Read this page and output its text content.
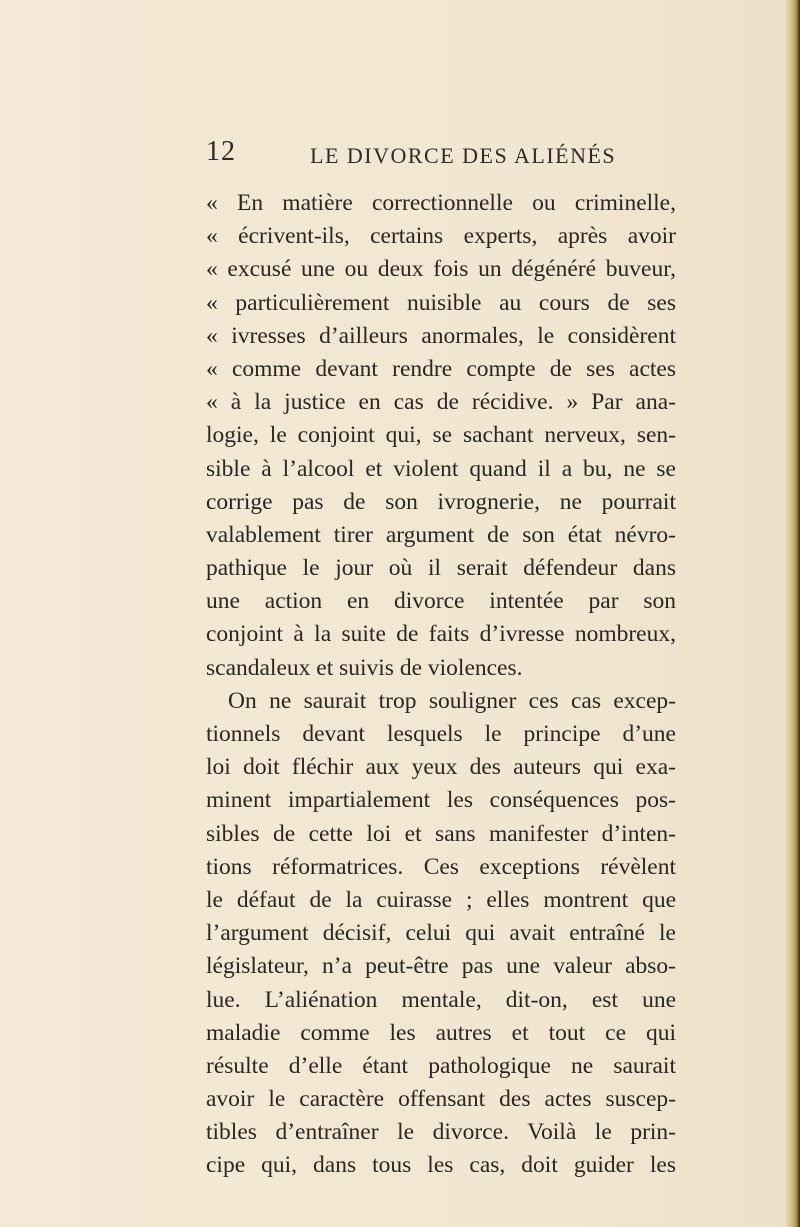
12	LE DIVORCE DES ALIÉNÉS
« En matière correctionnelle ou criminelle,
« écrivent-ils, certains experts, après avoir
« excusé une ou deux fois un dégénéré buveur,
« particulièrement nuisible au cours de ses
« ivresses d’ailleurs anormales, le considèrent
« comme devant rendre compte de ses actes
« à la justice en cas de récidive. » Par ana-
logie, le conjoint qui, se sachant nerveux, sen-
sible à l’alcool et violent quand il a bu, ne se
corrige pas de son ivrognerie, ne pourrait
valablement tirer argument de son état névro-
pathique le jour où il serait défendeur dans
une action en divorce intentée par son
conjoint à la suite de faits d’ivresse nombreux,
scandaleux et suivis de violences.
On ne saurait trop souligner ces cas excep-
tionnels devant lesquels le principe d’une
loi doit fléchir aux yeux des auteurs qui exa-
minent impartialement les conséquences pos-
sibles de cette loi et sans manifester d’inten-
tions réformatrices. Ces exceptions révèlent
le défaut de la cuirasse ; elles montrent que
l’argument décisif, celui qui avait entraîné le
législateur, n’a peut-être pas une valeur abso-
lue. L’aliénation mentale, dit-on, est une
maladie comme les autres et tout ce qui
résulte d’elle étant pathologique ne saurait
avoir le caractère offensant des actes suscep-
tibles d’entraîner le divorce. Voilà le prin-
cipe qui, dans tous les cas, doit guider les
